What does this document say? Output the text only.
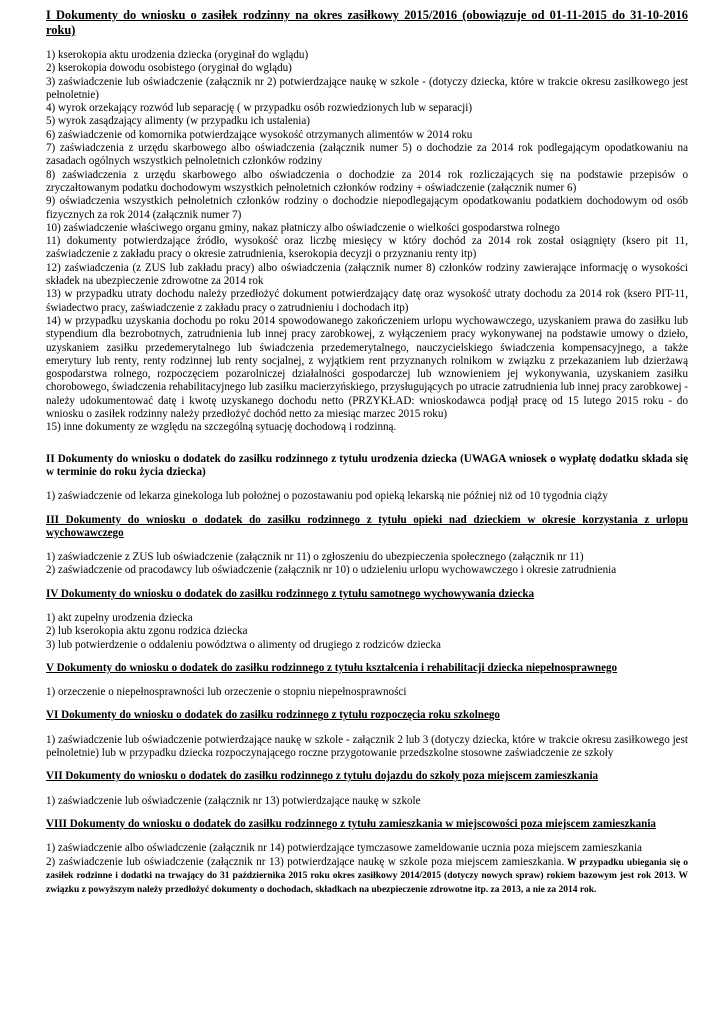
I Dokumenty do wniosku o zasiłek rodzinny na okres zasiłkowy 2015/2016 (obowiązuje od 01-11-2015 do 31-10-2016 roku)

1) kserokopia aktu urodzenia dziecka (oryginał do wglądu)

2) kserokopia dowodu osobistego (oryginał do wglądu)

3) zaświadczenie lub oświadczenie (załącznik nr 2) potwierdzające naukę w szkole - (dotyczy dziecka, które w trakcie okresu zasiłkowego jest pełnoletnie)

4) wyrok orzekający rozwód lub separację ( w przypadku osób rozwiedzionych lub w separacji)

5) wyrok zasądzający alimenty (w przypadku ich ustalenia)

6) zaświadczenie od komornika potwierdzające wysokość otrzymanych alimentów w 2014 roku

7) zaświadczenia z urzędu skarbowego albo oświadczenia (załącznik numer 5) o dochodzie za 2014 rok podlegającym opodatkowaniu na zasadach ogólnych wszystkich pełnoletnich członków rodziny

8) zaświadczenia z urzędu skarbowego albo oświadczenia o dochodzie za 2014 rok rozliczających się na podstawie przepisów o zryczałtowanym podatku dochodowym wszystkich pełnoletnich członków rodziny + oświadczenie (załącznik numer 6)

9) oświadczenia wszystkich pełnoletnich członków rodziny o dochodzie niepodlegającym opodatkowaniu podatkiem dochodowym od osób fizycznych za rok 2014 (załącznik numer 7)

10) zaświadczenie właściwego organu gminy, nakaz płatniczy albo oświadczenie o wielkości gospodarstwa rolnego

11) dokumenty potwierdzające źródło, wysokość oraz liczbę miesięcy w który dochód za 2014 rok został osiągnięty (ksero pit 11, zaświadczenie z zakładu pracy o okresie zatrudnienia, kserokopia decyzji o przyznaniu renty itp)

12) zaświadczenia (z ZUS lub zakładu pracy) albo oświadczenia (załącznik numer 8) członków rodziny zawierające informację o wysokości składek na ubezpieczenie zdrowotne za 2014 rok

13) w przypadku utraty dochodu należy przedłożyć dokument potwierdzający datę oraz wysokość utraty dochodu za 2014 rok (ksero PIT-11, świadectwo pracy, zaświadczenie z zakładu pracy o zatrudnieniu i dochodach itp)

14) w przypadku uzyskania dochodu po roku 2014 spowodowanego zakończeniem urlopu wychowawczego, uzyskaniem prawa do zasiłku lub stypendium dla bezrobotnych, zatrudnienia lub innej pracy zarobkowej, z wyłączeniem pracy wykonywanej na podstawie umowy o dzieło, uzyskaniem zasiłku przedemerytalnego lub świadczenia przedemerytalnego, nauczycielskiego świadczenia kompensacyjnego, a także emerytury lub renty, renty rodzinnej lub renty socjalnej, z wyjątkiem rent przyznanych rolnikom w związku z przekazaniem lub dzierżawą gospodarstwa rolnego, rozpoczęciem pozarolniczej działalności gospodarczej lub wznowieniem jej wykonywania, uzyskaniem zasiłku chorobowego, świadczenia rehabilitacyjnego lub zasiłku macierzyńskiego, przysługujących po utracie zatrudnienia lub innej pracy zarobkowej - należy udokumentować datę i kwotę uzyskanego dochodu netto (PRZYKŁAD: wnioskodawca podjął pracę od 15 lutego 2015 roku - do wniosku o zasiłek rodzinny należy przedłożyć dochód netto za miesiąc marzec 2015 roku)

15) inne dokumenty ze względu na szczególną sytuację dochodową i rodzinną.

II Dokumenty do wniosku o dodatek do zasiłku rodzinnego z tytułu urodzenia dziecka (UWAGA wniosek o wypłatę dodatku składa się w terminie do roku życia dziecka)

1) zaświadczenie od lekarza ginekologa lub położnej o pozostawaniu pod opieką lekarską nie później niż od 10 tygodnia ciąży

III Dokumenty do wniosku o dodatek do zasiłku rodzinnego z tytułu opieki nad dzieckiem w okresie korzystania z urlopu wychowawczego

1) zaświadczenie z ZUS lub oświadczenie (załącznik nr 11) o zgłoszeniu do ubezpieczenia społecznego (załącznik nr 11)

2) zaświadczenie od pracodawcy lub oświadczenie (załącznik nr 10) o udzieleniu urlopu wychowawczego i okresie zatrudnienia

IV Dokumenty do wniosku o dodatek do zasiłku rodzinnego z tytułu samotnego wychowywania dziecka

1) akt zupełny urodzenia dziecka

2) lub kserokopia aktu zgonu rodzica dziecka

3) lub potwierdzenie o oddaleniu powództwa o alimenty od drugiego z rodziców dziecka

V Dokumenty do wniosku o dodatek do zasiłku rodzinnego z tytułu kształcenia i rehabilitacji dziecka niepełnosprawnego

1) orzeczenie o niepełnosprawności lub orzeczenie o stopniu niepełnosprawności

VI Dokumenty do wniosku o dodatek do zasiłku rodzinnego z tytułu rozpoczęcia roku szkolnego

1) zaświadczenie lub oświadczenie potwierdzające naukę w szkole - załącznik 2 lub 3 (dotyczy dziecka, które w trakcie okresu zasiłkowego jest pełnoletnie) lub w przypadku dziecka rozpoczynającego roczne przygotowanie przedszkolne stosowne zaświadczenie ze szkoły

VII Dokumenty do wniosku o dodatek do zasiłku rodzinnego z tytułu dojazdu do szkoły poza miejscem zamieszkania

1) zaświadczenie lub oświadczenie (załącznik nr 13) potwierdzające naukę w szkole

VIII Dokumenty do wniosku o dodatek do zasiłku rodzinnego z tytułu zamieszkania w miejscowości poza miejscem zamieszkania

1) zaświadczenie albo oświadczenie (załącznik nr 14) potwierdzające tymczasowe zameldowanie ucznia poza miejscem zamieszkania

2) zaświadczenie lub oświadczenie (załącznik nr 13) potwierdzające naukę w szkole poza miejscem zamieszkania. W przypadku ubiegania się o zasiłek rodzinne i dodatki na trwający do 31 października 2015 roku okres zasiłkowy 2014/2015 (dotyczy nowych spraw) rokiem bazowym jest rok 2013. W związku z powyższym należy przedłożyć dokumenty o dochodach, składkach na ubezpieczenie zdrowotne itp. za 2013, a nie za 2014 rok.
